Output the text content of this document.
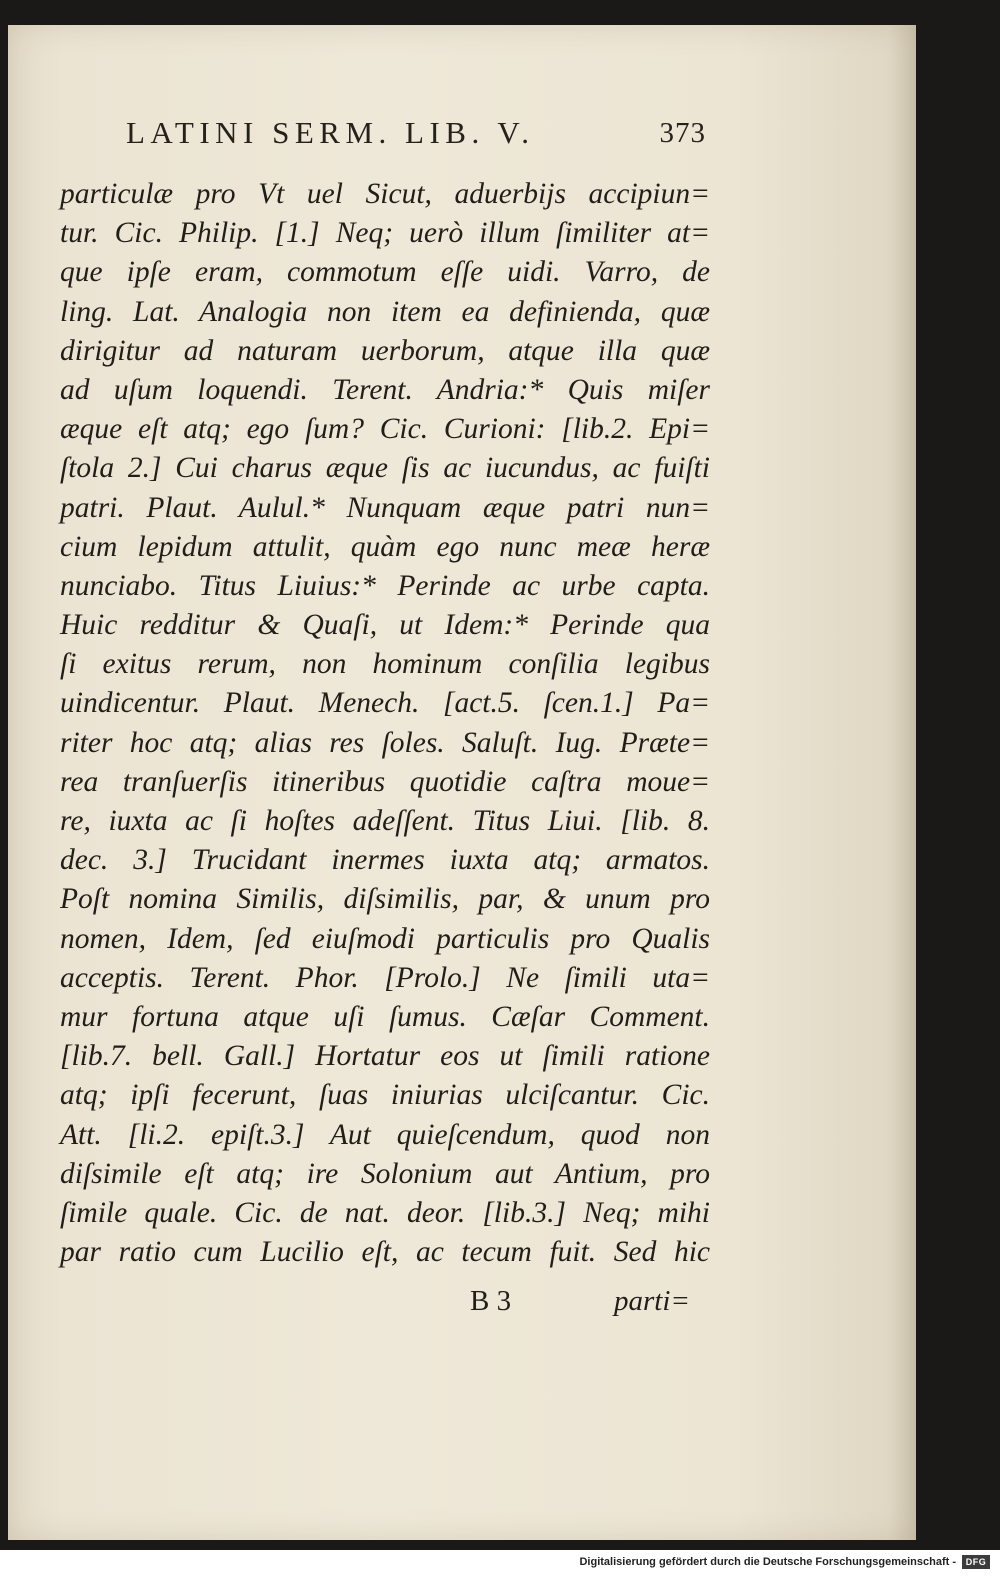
LATINI SERM. LIB. V.	373
particulæ pro Vt uel Sicut, aduerbijs accipiun=
tur. Cic. Philip. [1.] Neq; uerò illum ſimiliter at=
que ipſe eram, commotum eſſe uidi. Varro, de
ling. Lat. Analogia non item ea definienda, quæ
dirigitur ad naturam uerborum, atque illa quæ
ad uſum loquendi. Terent. Andria:* Quis miſer
æque eſt atq; ego ſum? Cic. Curioni: [lib.2. Epi=
ſtola 2.] Cui charus æque ſis ac iucundus, ac fuiſti
patri. Plaut. Aulul.* Nunquam æque patri nun=
cium lepidum attulit, quàm ego nunc meæ heræ
nunciabo. Titus Liuius:* Perinde ac urbe capta.
Huic redditur & Quaſi, ut Idem:* Perinde qua
ſi exitus rerum, non hominum conſilia legibus
uindicentur. Plaut. Menech. [act.5. ſcen.1.] Pa=
riter hoc atq; alias res ſoles. Saluſt. Iug. Præte=
rea tranſuerſis itineribus quotidie caſtra moue=
re, iuxta ac ſi hoſtes adeſſent. Titus Liui. [lib. 8.
dec. 3.] Trucidant inermes iuxta atq; armatos.
Poſt nomina Similis, diſsimilis, par, & unum pro
nomen, Idem, ſed eiuſmodi particulis pro Qualis
acceptis. Terent. Phor. [Prolo.] Ne ſimili uta=
mur fortuna atque uſi ſumus. Cæſar Comment.
[lib.7. bell. Gall.] Hortatur eos ut ſimili ratione
atq; ipſi fecerunt, ſuas iniurias ulciſcantur. Cic.
Att. [li.2. epiſt.3.] Aut quieſcendum, quod non
diſsimile eſt atq; ire Solonium aut Antium, pro
ſimile quale. Cic. de nat. deor. [lib.3.] Neq; mihi
par ratio cum Lucilio eſt, ac tecum fuit. Sed hic
B 3	parti=
Digitalisierung gefördert durch die Deutsche Forschungsgemeinschaft -	DFG
